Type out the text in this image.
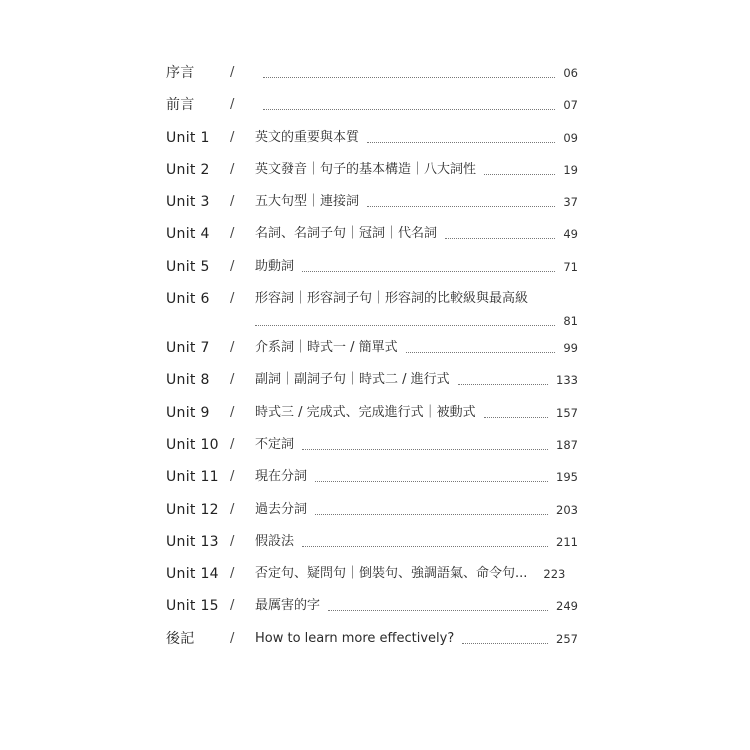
序言	/	06
前言	/	07
Unit 1 / 英文的重要與本質	09
Unit 2 / 英文發音｜句子的基本構造｜八大詞性	19
Unit 3 / 五大句型｜連接詞	37
Unit 4 / 名詞、名詞子句｜冠詞｜代名詞	49
Unit 5 / 助動詞	71
Unit 6 / 形容詞｜形容詞子句｜形容詞的比較級與最高級
81
Unit 7 / 介系詞｜時式一 / 簡單式	99
Unit 8 / 副詞｜副詞子句｜時式二 / 進行式	133
Unit 9 / 時式三 / 完成式、完成進行式｜被動式	157
Unit 10 / 不定詞	187
Unit 11 / 現在分詞	195
Unit 12 / 過去分詞	203
Unit 13 / 假設法	211
Unit 14 / 否定句、疑問句｜倒裝句、強調語氣、命令句...	223
Unit 15 / 最厲害的字	249
後記	/ How to learn more effectively?	257
